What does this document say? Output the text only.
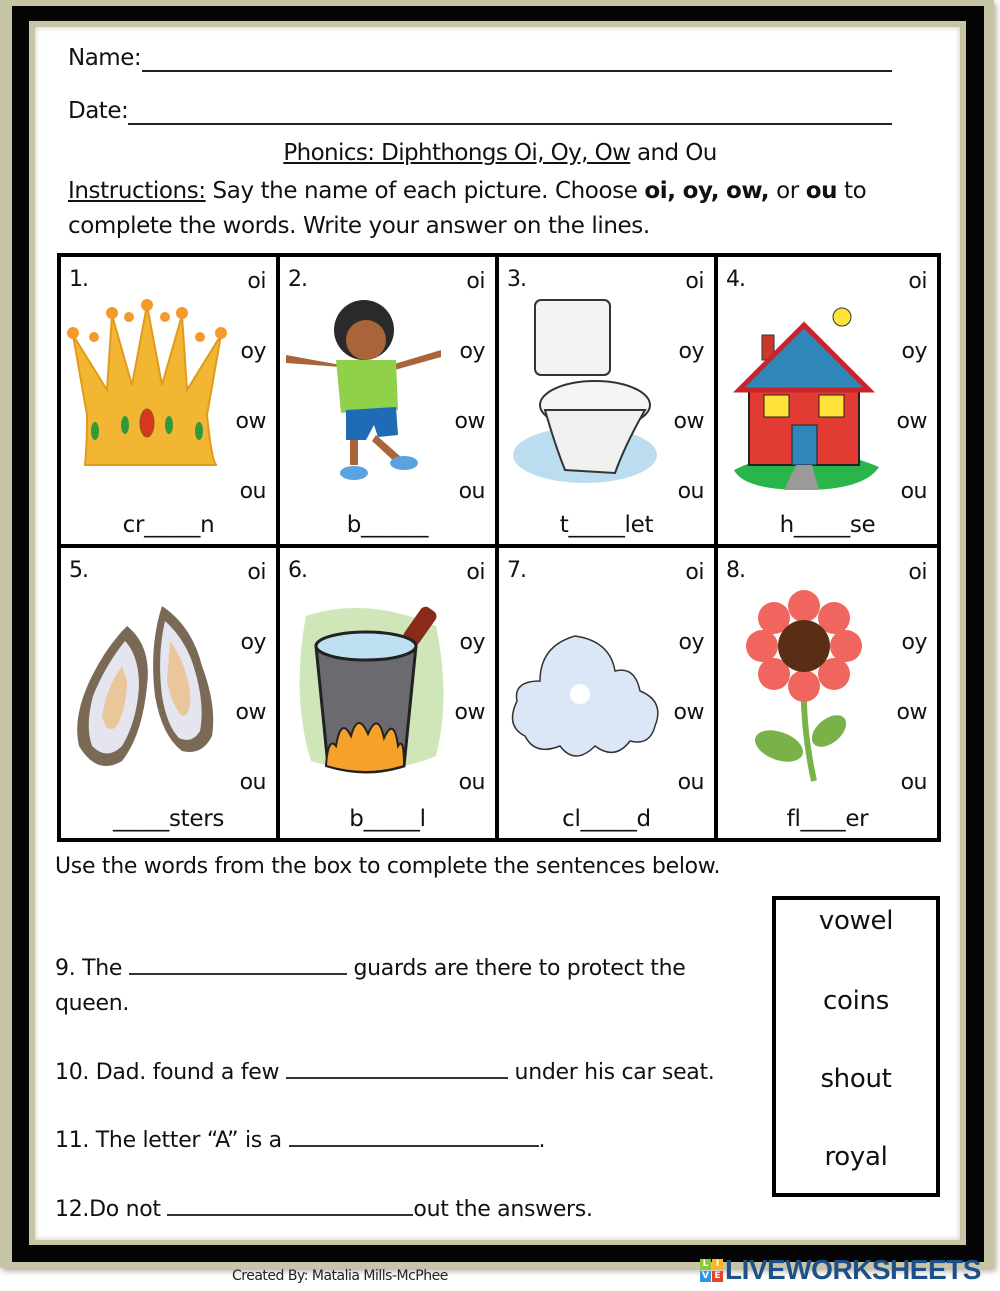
Name:
Date:
Phonics: Diphthongs Oi, Oy, Ow and Ou
Instructions: Say the name of each picture. Choose oi, oy, ow, or ou to complete the words. Write your answer on the lines.
1.	oi
oy
ow
ou
cr_____n
2.	oi
oy
ow
ou
b______
3.	oi
oy
ow
ou
t_____let
4.	oi
oy
ow
ou
h_____se
5.	oi
oy
ow
ou
_____sters
6.	oi
oy
ow
ou
b_____l
7.	oi
oy
ow
ou
cl_____d
8.	oi
oy
ow
ou
fl____er
Use the words from the box to complete the sentences below.
9. The	guards are there to protect the
queen.
10. Dad. found a few	under his car seat.
11. The letter “A” is a	.
12.Do not	out the answers.
vowel
coins
shout
royal
Created By: Matalia Mills-McPhee
L I
V E LIVEWORKSHEETS
